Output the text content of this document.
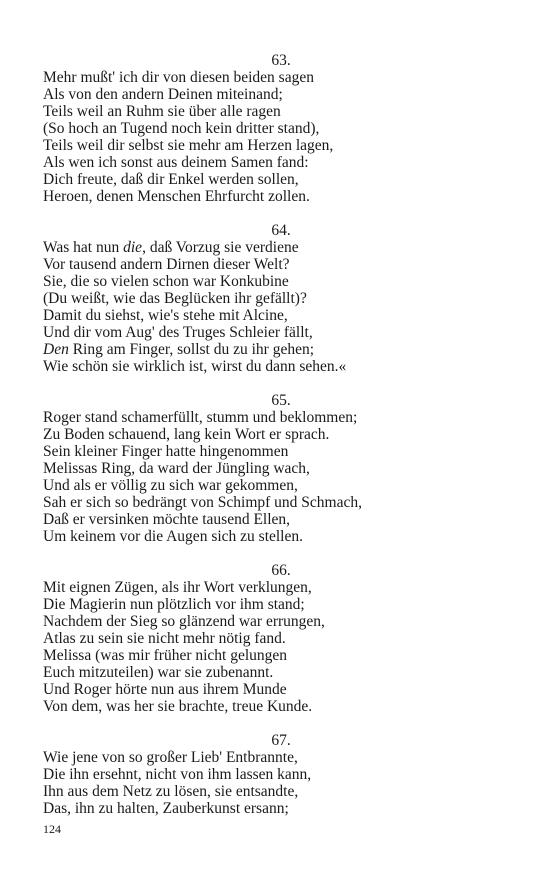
63.
Mehr mußt' ich dir von diesen beiden sagen
Als von den andern Deinen miteinand;
Teils weil an Ruhm sie über alle ragen
(So hoch an Tugend noch kein dritter stand),
Teils weil dir selbst sie mehr am Herzen lagen,
Als wen ich sonst aus deinem Samen fand:
Dich freute, daß dir Enkel werden sollen,
Heroen, denen Menschen Ehrfurcht zollen.
64.
Was hat nun die, daß Vorzug sie verdiene
Vor tausend andern Dirnen dieser Welt?
Sie, die so vielen schon war Konkubine
(Du weißt, wie das Beglücken ihr gefällt)?
Damit du siehst, wie's stehe mit Alcine,
Und dir vom Aug' des Truges Schleier fällt,
Den Ring am Finger, sollst du zu ihr gehen;
Wie schön sie wirklich ist, wirst du dann sehen.«
65.
Roger stand schamerfüllt, stumm und beklommen;
Zu Boden schauend, lang kein Wort er sprach.
Sein kleiner Finger hatte hingenommen
Melissas Ring, da ward der Jüngling wach,
Und als er völlig zu sich war gekommen,
Sah er sich so bedrängt von Schimpf und Schmach,
Daß er versinken möchte tausend Ellen,
Um keinem vor die Augen sich zu stellen.
66.
Mit eignen Zügen, als ihr Wort verklungen,
Die Magierin nun plötzlich vor ihm stand;
Nachdem der Sieg so glänzend war errungen,
Atlas zu sein sie nicht mehr nötig fand.
Melissa (was mir früher nicht gelungen
Euch mitzuteilen) war sie zubenannt.
Und Roger hörte nun aus ihrem Munde
Von dem, was her sie brachte, treue Kunde.
67.
Wie jene von so großer Lieb' Entbrannte,
Die ihn ersehnt, nicht von ihm lassen kann,
Ihn aus dem Netz zu lösen, sie entsandte,
Das, ihn zu halten, Zauberkunst ersann;
124
